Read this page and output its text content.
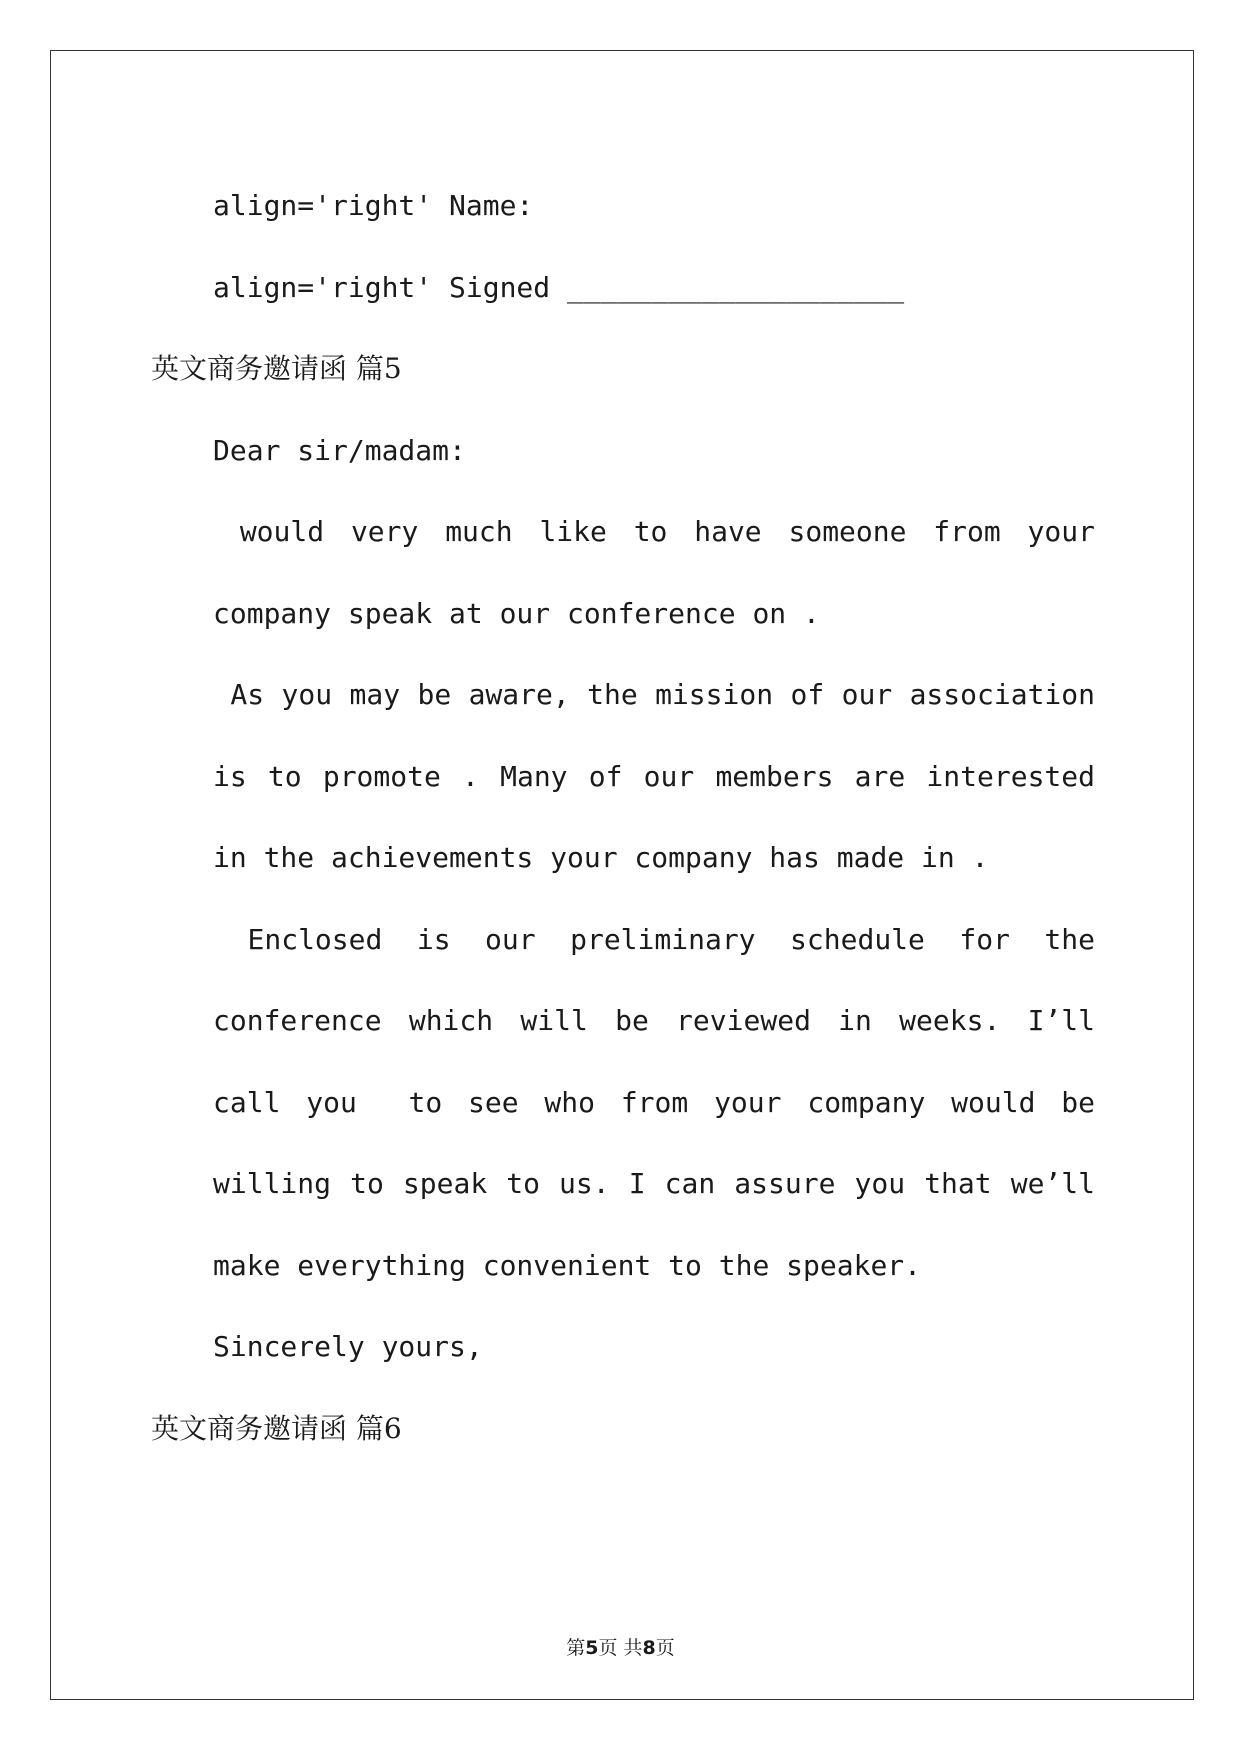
align='right' Name:

align='right' Signed ____________________

英文商务邀请函 篇5

Dear sir/madam:

would very much like to have someone from your company speak at our conference on .

As you may be aware, the mission of our association is to promote . Many of our members are interested in the achievements your company has made in .

Enclosed is our preliminary schedule for the conference which will be reviewed in weeks. I’ll call you  to see who from your company would be willing to speak to us. I can assure you that we’ll make everything convenient to the speaker.

Sincerely yours,

英文商务邀请函 篇6

第5页 共8页
